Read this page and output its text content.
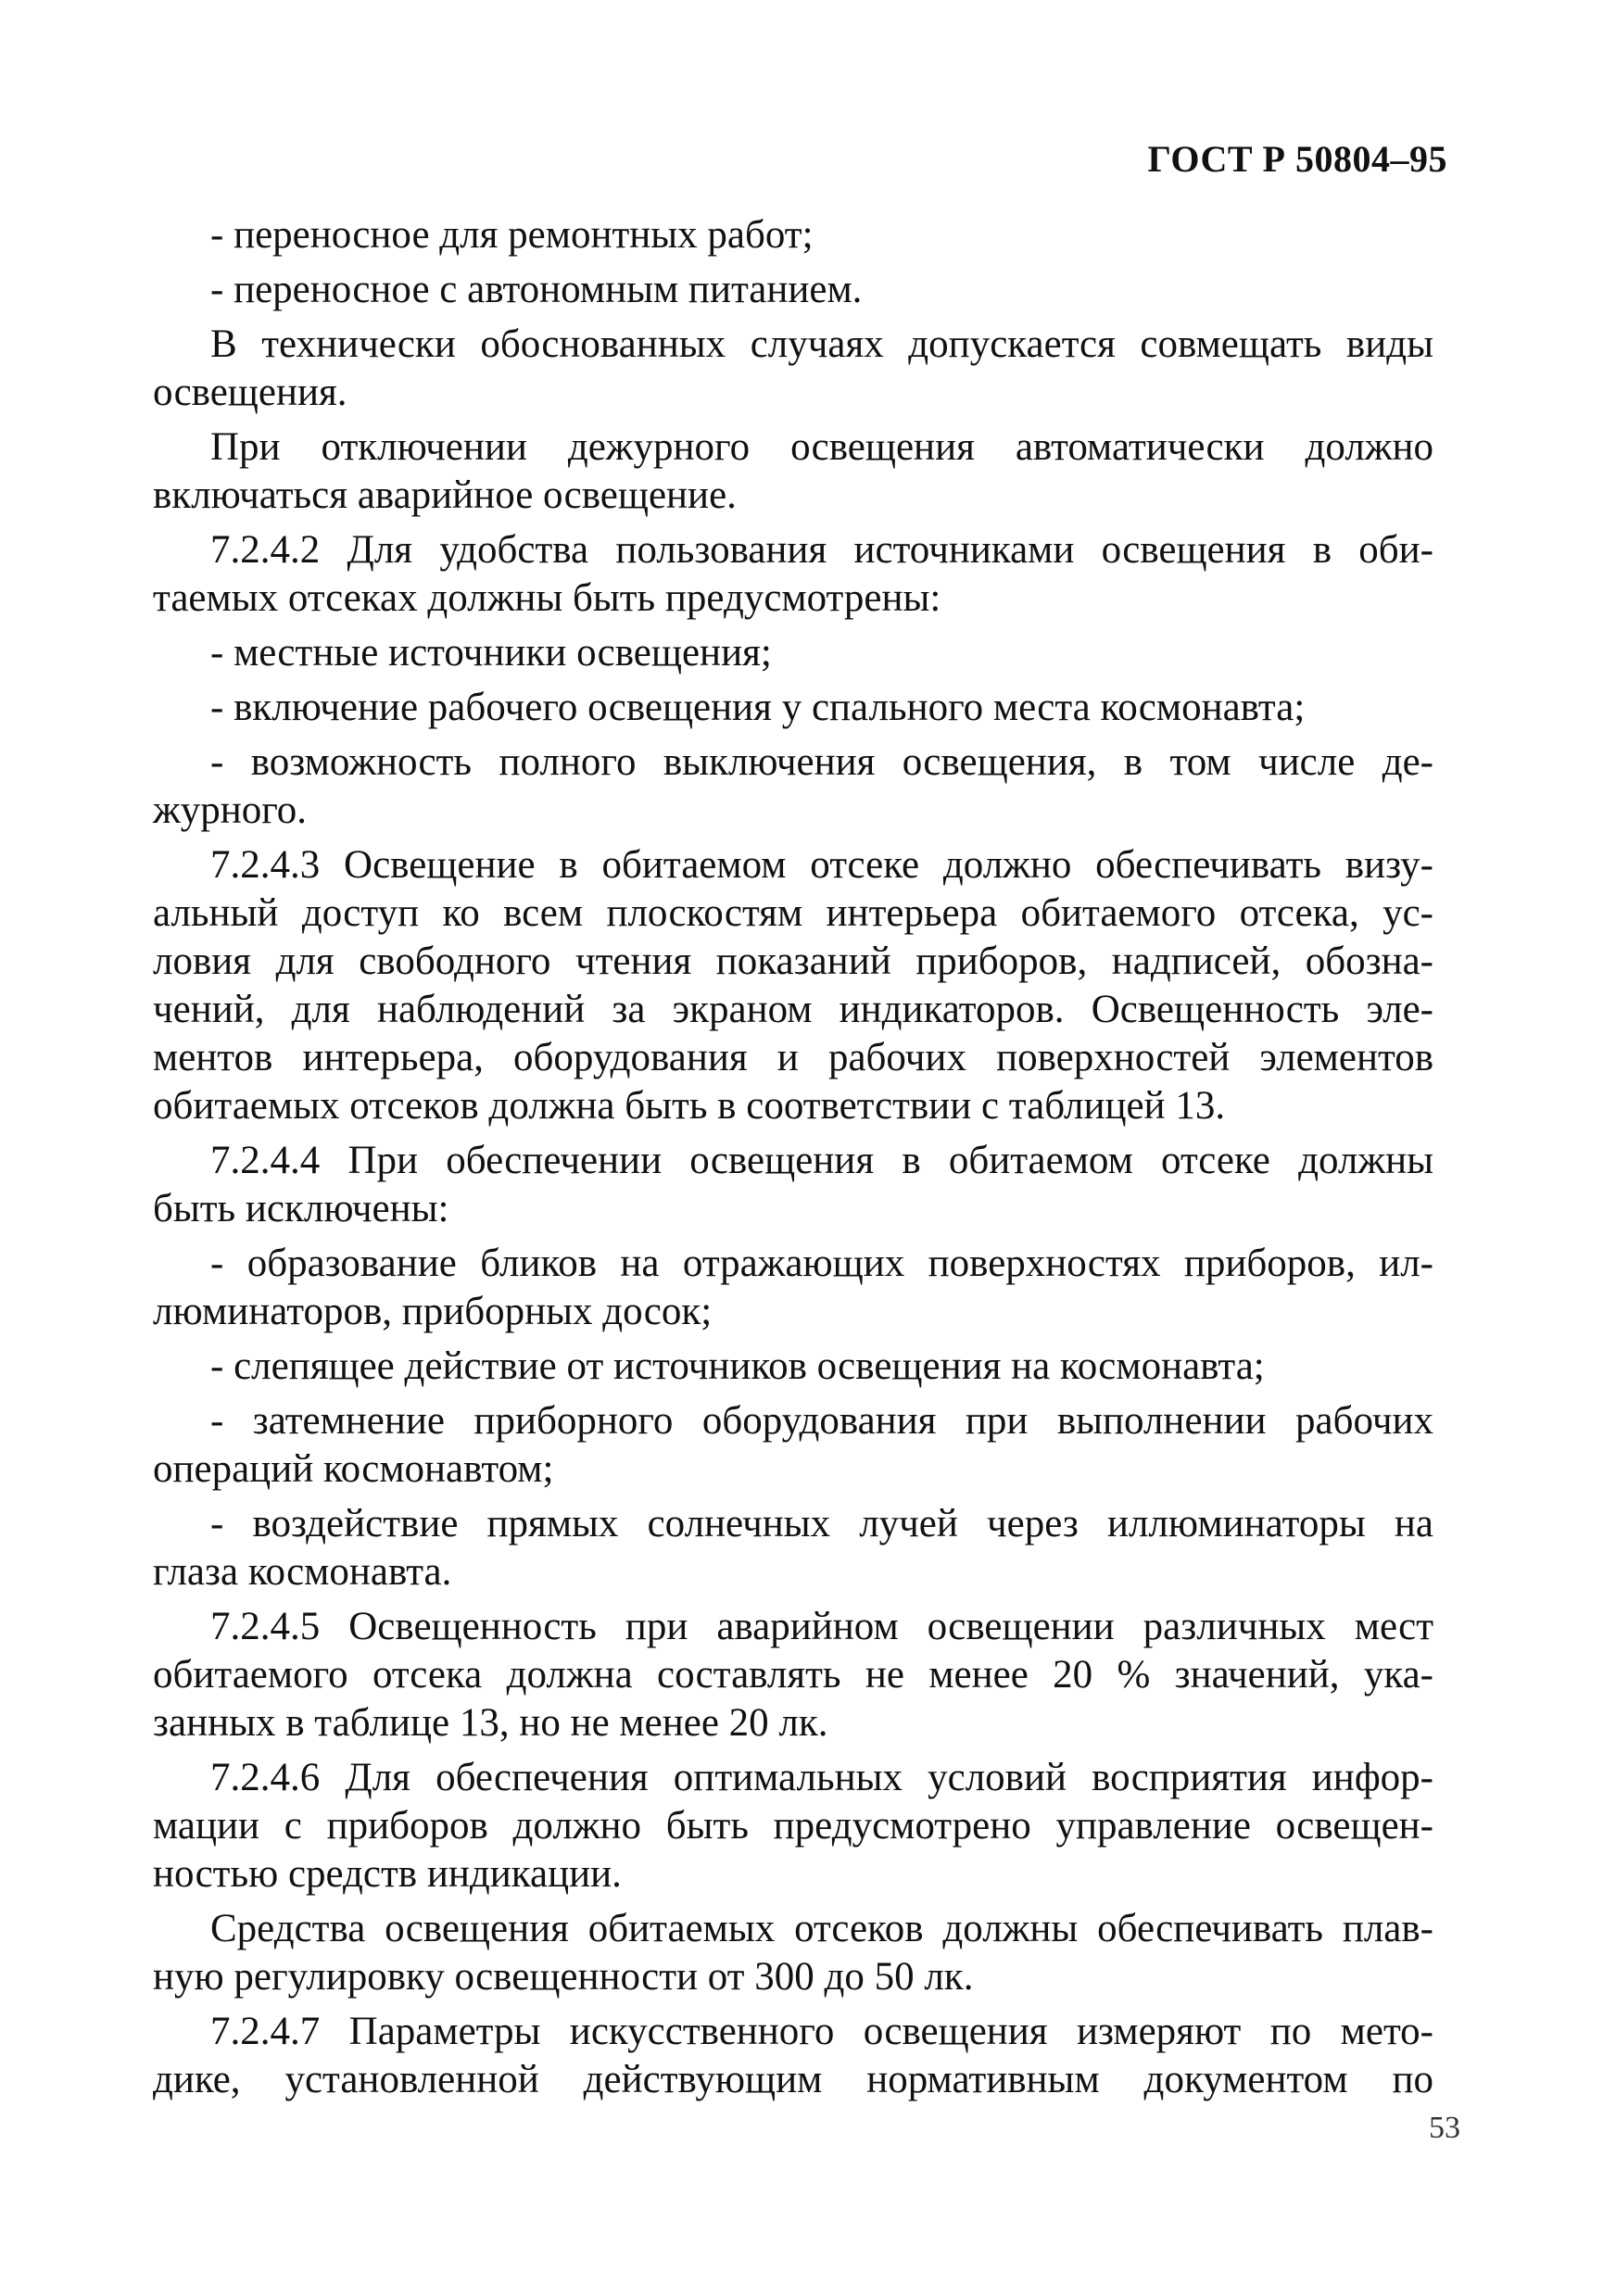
ГОСТ Р 50804–95
- переносное для ремонтных работ;
- переносное с автономным питанием.
В технически обоснованных случаях допускается совмещать виды
освещения.
При отключении дежурного освещения автоматически должно
включаться аварийное освещение.
7.2.4.2 Для удобства пользования источниками освещения в оби-
таемых отсеках должны быть предусмотрены:
- местные источники освещения;
- включение рабочего освещения у спального места космонавта;
- возможность полного выключения освещения, в том числе де-
журного.
7.2.4.3 Освещение в обитаемом отсеке должно обеспечивать визу-
альный доступ ко всем плоскостям интерьера обитаемого отсека, ус-
ловия для свободного чтения показаний приборов, надписей, обозна-
чений, для наблюдений за экраном индикаторов. Освещенность эле-
ментов интерьера, оборудования и рабочих поверхностей элементов
обитаемых отсеков должна быть в соответствии с таблицей 13.
7.2.4.4 При обеспечении освещения в обитаемом отсеке должны
быть исключены:
- образование бликов на отражающих поверхностях приборов, ил-
люминаторов, приборных досок;
- слепящее действие от источников освещения на космонавта;
- затемнение приборного оборудования при выполнении рабочих
операций космонавтом;
- воздействие прямых солнечных лучей через иллюминаторы на
глаза космонавта.
7.2.4.5 Освещенность при аварийном освещении различных мест
обитаемого отсека должна составлять не менее 20 % значений, ука-
занных в таблице 13, но не менее 20 лк.
7.2.4.6 Для обеспечения оптимальных условий восприятия инфор-
мации с приборов должно быть предусмотрено управление освещен-
ностью средств индикации.
Средства освещения обитаемых отсеков должны обеспечивать плав-
ную регулировку освещенности от 300 до 50 лк.
7.2.4.7 Параметры искусственного освещения измеряют по мето-
дике, установленной действующим нормативным документом по
53
